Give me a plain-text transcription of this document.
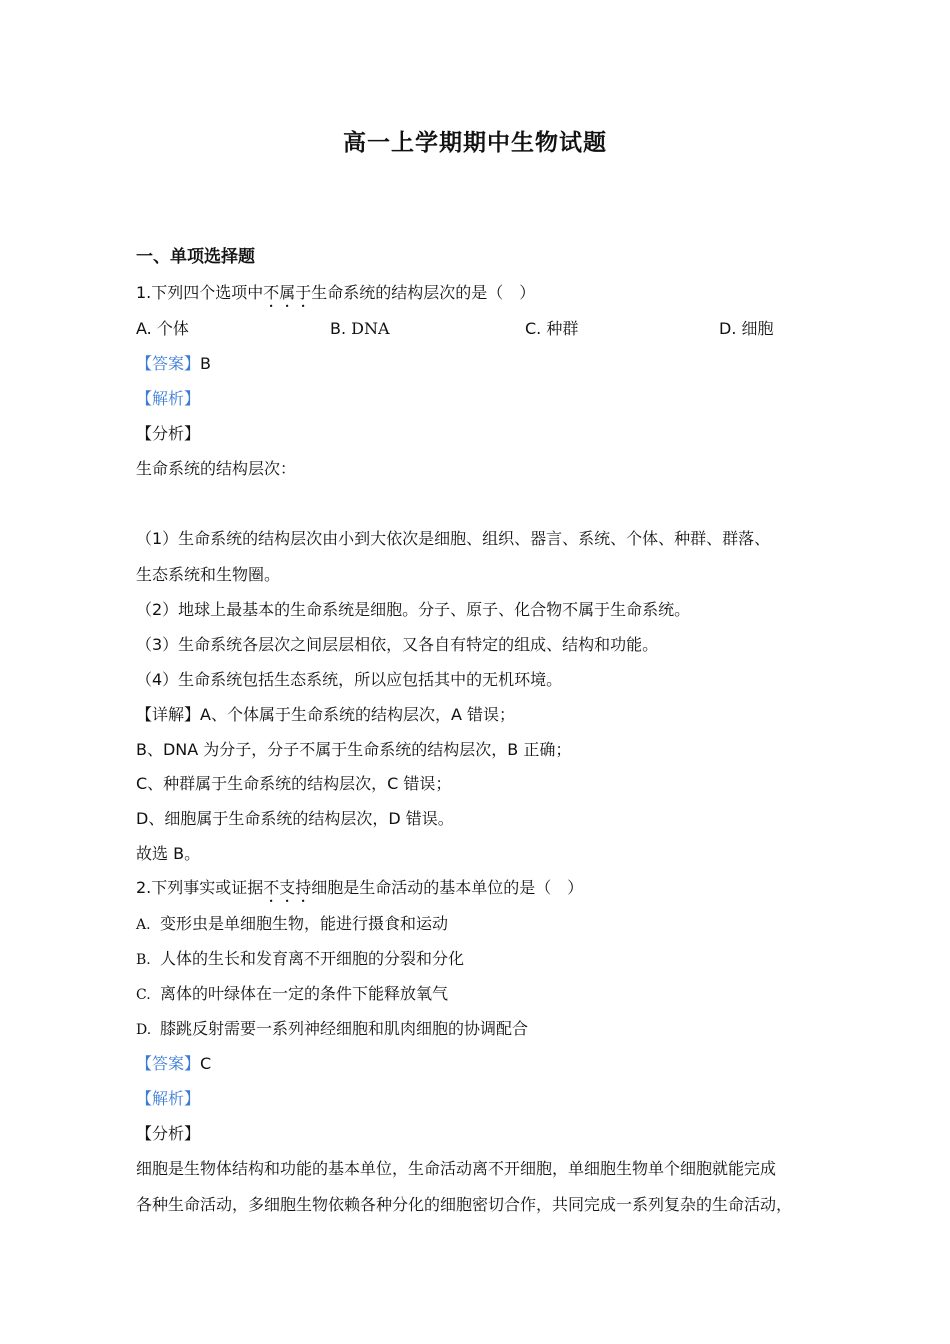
高一上学期期中生物试题
一、单项选择题
1.下列四个选项中不属于生命系统的结构层次的是（　）
A. 个体	B. DNA	C. 种群	D. 细胞
【答案】B
【解析】
【分析】
生命系统的结构层次：
（1）生命系统的结构层次由小到大依次是细胞、组织、器言、系统、个体、种群、群落、
生态系统和生物圈。
（2）地球上最基本的生命系统是细胞。分子、原子、化合物不属于生命系统。
（3）生命系统各层次之间层层相依，又各自有特定的组成、结构和功能。
（4）生命系统包括生态系统，所以应包括其中的无机环境。
【详解】A、个体属于生命系统的结构层次，A 错误；
B、DNA 为分子，分子不属于生命系统的结构层次，B 正确；
C、种群属于生命系统的结构层次，C 错误；
D、细胞属于生命系统的结构层次，D 错误。
故选 B。
2.下列事实或证据不支持细胞是生命活动的基本单位的是（　）
A. 变形虫是单细胞生物，能进行摄食和运动
B. 人体的生长和发育离不开细胞的分裂和分化
C. 离体的叶绿体在一定的条件下能释放氧气
D. 膝跳反射需要一系列神经细胞和肌肉细胞的协调配合
【答案】C
【解析】
【分析】
细胞是生物体结构和功能的基本单位，生命活动离不开细胞，单细胞生物单个细胞就能完成
各种生命活动，多细胞生物依赖各种分化的细胞密切合作，共同完成一系列复杂的生命活动，
